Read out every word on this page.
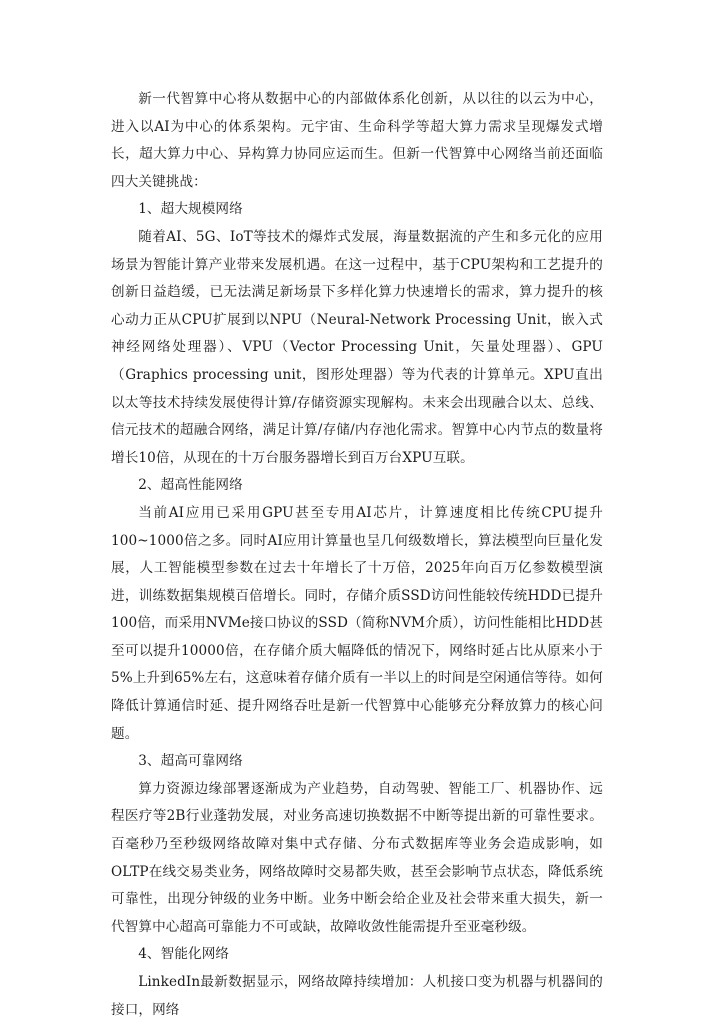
新一代智算中心将从数据中心的内部做体系化创新，从以往的以云为中心，进入以AI为中心的体系架构。元宇宙、生命科学等超大算力需求呈现爆发式增长，超大算力中心、异构算力协同应运而生。但新一代智算中心网络当前还面临四大关键挑战：

1、超大规模网络

随着AI、5G、IoT等技术的爆炸式发展，海量数据流的产生和多元化的应用场景为智能计算产业带来发展机遇。在这一过程中，基于CPU架构和工艺提升的创新日益趋缓，已无法满足新场景下多样化算力快速增长的需求，算力提升的核心动力正从CPU扩展到以NPU（Neural-Network Processing Unit，嵌入式神经网络处理器）、VPU（Vector Processing Unit，矢量处理器）、GPU（Graphics processing unit，图形处理器）等为代表的计算单元。XPU直出以太等技术持续发展使得计算/存储资源实现解构。未来会出现融合以太、总线、信元技术的超融合网络，满足计算/存储/内存池化需求。智算中心内节点的数量将增长10倍，从现在的十万台服务器增长到百万台XPU互联。

2、超高性能网络

当前AI应用已采用GPU甚至专用AI芯片，计算速度相比传统CPU提升100~1000倍之多。同时AI应用计算量也呈几何级数增长，算法模型向巨量化发展，人工智能模型参数在过去十年增长了十万倍，2025年向百万亿参数模型演进，训练数据集规模百倍增长。同时，存储介质SSD访问性能较传统HDD已提升100倍，而采用NVMe接口协议的SSD（简称NVM介质），访问性能相比HDD甚至可以提升10000倍，在存储介质大幅降低的情况下，网络时延占比从原来小于5%上升到65%左右，这意味着存储介质有一半以上的时间是空闲通信等待。如何降低计算通信时延、提升网络吞吐是新一代智算中心能够充分释放算力的核心问题。

3、超高可靠网络

算力资源边缘部署逐渐成为产业趋势，自动驾驶、智能工厂、机器协作、远程医疗等2B行业蓬勃发展，对业务高速切换数据不中断等提出新的可靠性要求。百毫秒乃至秒级网络故障对集中式存储、分布式数据库等业务会造成影响，如OLTP在线交易类业务，网络故障时交易都失败，甚至会影响节点状态，降低系统可靠性，出现分钟级的业务中断。业务中断会给企业及社会带来重大损失，新一代智算中心超高可靠能力不可或缺，故障收敛性能需提升至亚毫秒级。

4、智能化网络

LinkedIn最新数据显示，网络故障持续增加：人机接口变为机器与机器间的接口，网络
